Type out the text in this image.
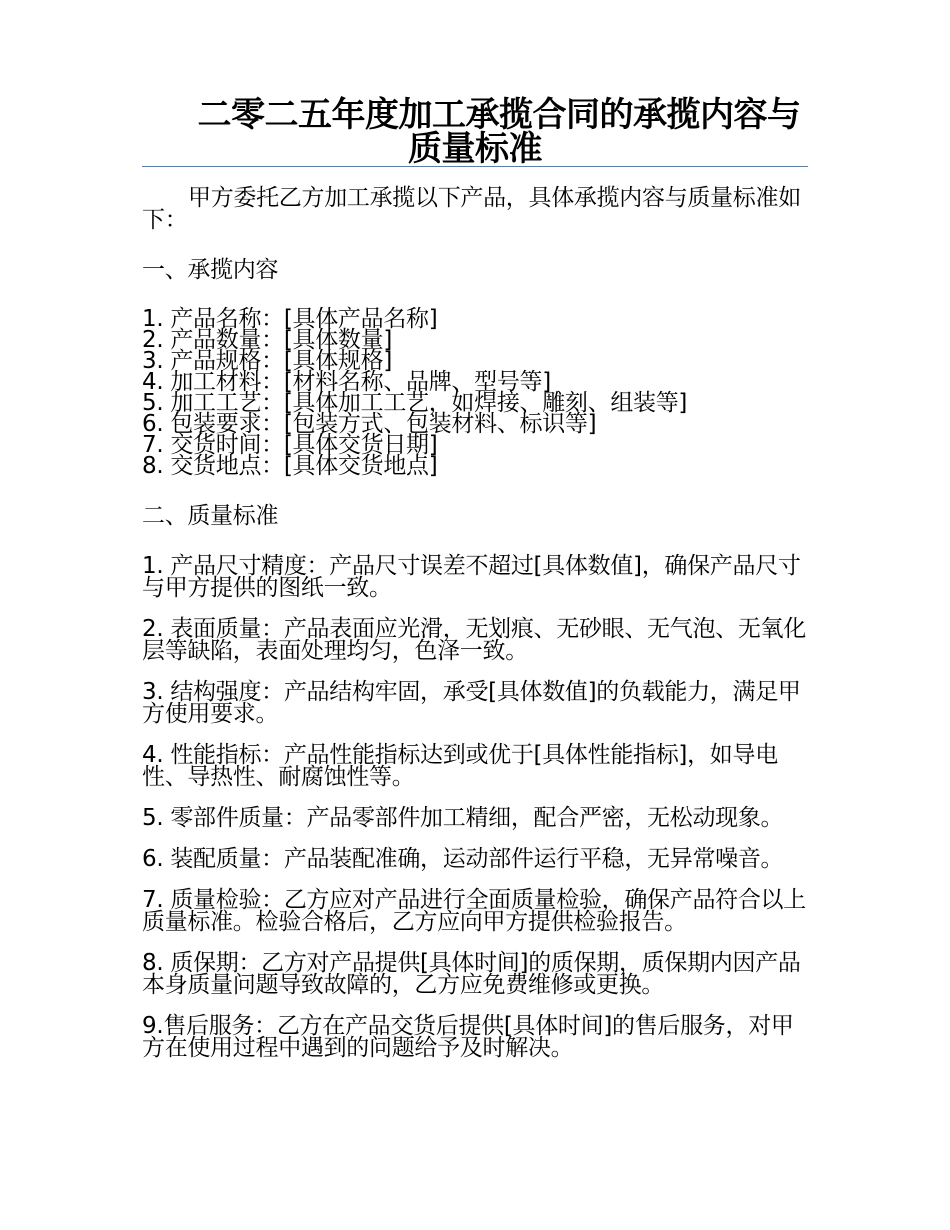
二零二五年度加工承揽合同的承揽内容与
质量标准

甲方委托乙方加工承揽以下产品，具体承揽内容与质量标准如下：

一、承揽内容

1. 产品名称：[具体产品名称]
2. 产品数量：[具体数量]
3. 产品规格：[具体规格]
4. 加工材料：[材料名称、品牌、型号等]
5. 加工工艺：[具体加工工艺，如焊接、雕刻、组装等]
6. 包装要求：[包装方式、包装材料、标识等]
7. 交货时间：[具体交货日期]
8. 交货地点：[具体交货地点]

二、质量标准

1. 产品尺寸精度：产品尺寸误差不超过[具体数值]，确保产品尺寸与甲方提供的图纸一致。

2. 表面质量：产品表面应光滑，无划痕、无砂眼、无气泡、无氧化层等缺陷，表面处理均匀，色泽一致。

3. 结构强度：产品结构牢固，承受[具体数值]的负载能力，满足甲方使用要求。

4. 性能指标：产品性能指标达到或优于[具体性能指标]，如导电性、导热性、耐腐蚀性等。

5. 零部件质量：产品零部件加工精细，配合严密，无松动现象。

6. 装配质量：产品装配准确，运动部件运行平稳，无异常噪音。

7. 质量检验：乙方应对产品进行全面质量检验，确保产品符合以上质量标准。检验合格后，乙方应向甲方提供检验报告。

8. 质保期：乙方对产品提供[具体时间]的质保期，质保期内因产品本身质量问题导致故障的，乙方应免费维修或更换。

9.售后服务：乙方在产品交货后提供[具体时间]的售后服务，对甲方在使用过程中遇到的问题给予及时解决。
